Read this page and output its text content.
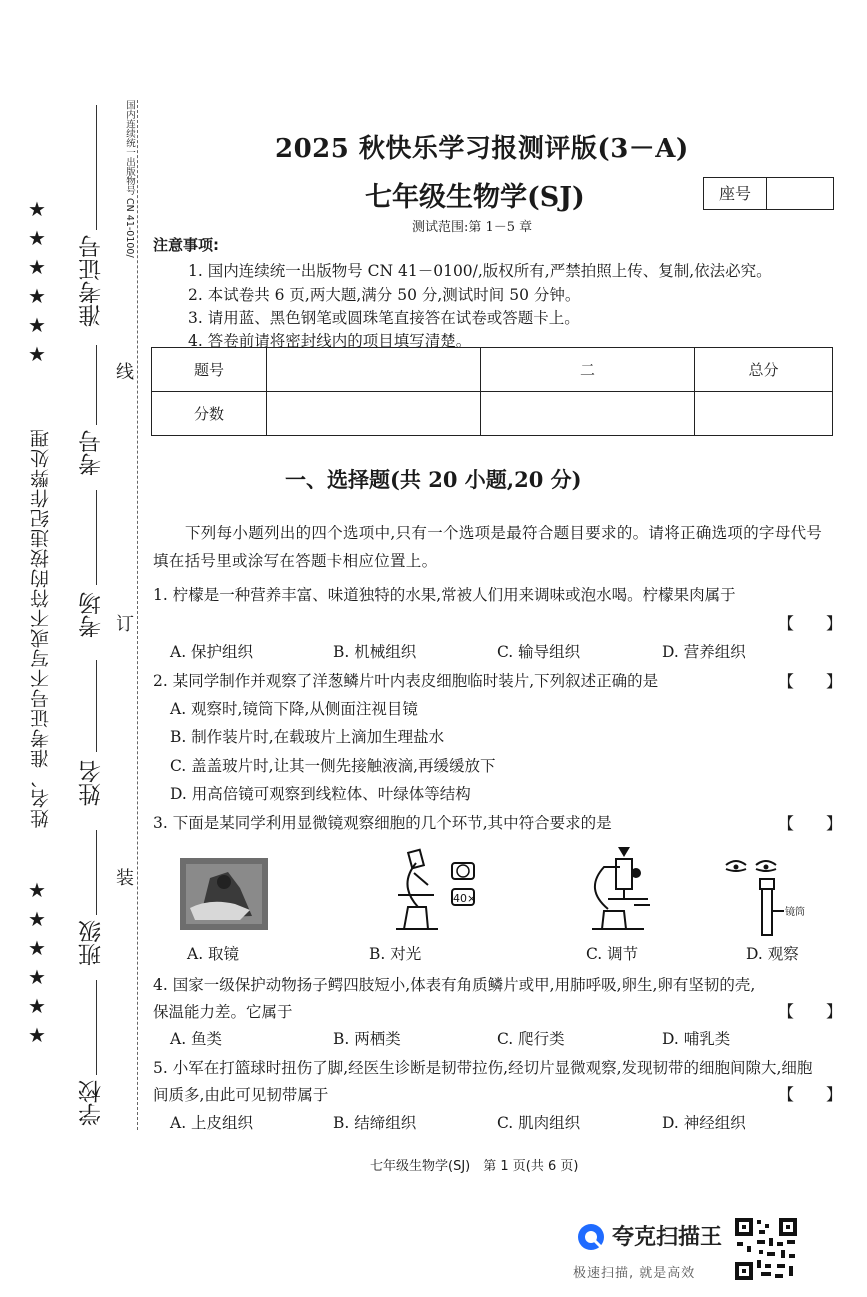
★
★
★
★
★
★
姓名、准考证号不写或不符的按违纪作弊处理
★
★
★
★
★
★
准考证号
考号
考场
姓名
班级
学校
线
订
装
国内连续统一出版物号 CN 41-0100/	2025 秋快乐学习报测评版(3－A)
七年级生物学(SJ)	座号
测试范围:第 1－5 章
注意事项:
1. 国内连续统一出版物号 CN 41－0100/,版权所有,严禁拍照上传、复制,依法必究。
2. 本试卷共 6 页,两大题,满分 50 分,测试时间 50 分钟。
3. 请用蓝、黑色钢笔或圆珠笔直接答在试卷或答题卡上。
4. 答卷前请将密封线内的项目填写清楚。
题号		二	总分
分数			
一、选择题(共 20 小题,20 分)
下列每小题列出的四个选项中,只有一个选项是最符合题目要求的。请将正确选项的字母代号填在括号里或涂写在答题卡相应位置上。
1. 柠檬是一种营养丰富、味道独特的水果,常被人们用来调味或泡水喝。柠檬果肉属于
【　　】
A. 保护组织	B. 机械组织	C. 输导组织	D. 营养组织
2. 某同学制作并观察了洋葱鳞片叶内表皮细胞临时装片,下列叙述正确的是	【　　】
A. 观察时,镜筒下降,从侧面注视目镜
B. 制作装片时,在载玻片上滴加生理盐水
C. 盖盖玻片时,让其一侧先接触液滴,再缓缓放下
D. 用高倍镜可观察到线粒体、叶绿体等结构
3. 下面是某同学利用显微镜观察细胞的几个环节,其中符合要求的是	【　　】
40×
镜筒
A. 取镜	B. 对光	C. 调节	D. 观察
4. 国家一级保护动物扬子鳄四肢短小,体表有角质鳞片或甲,用肺呼吸,卵生,卵有坚韧的壳,保温能力差。它属于	【　　】
A. 鱼类	B. 两栖类	C. 爬行类	D. 哺乳类
5. 小军在打篮球时扭伤了脚,经医生诊断是韧带拉伤,经切片显微观察,发现韧带的细胞间隙大,细胞间质多,由此可见韧带属于	【　　】
A. 上皮组织	B. 结缔组织	C. 肌肉组织	D. 神经组织
七年级生物学(SJ)　第 1 页(共 6 页)
夸克扫描王
极速扫描, 就是高效
